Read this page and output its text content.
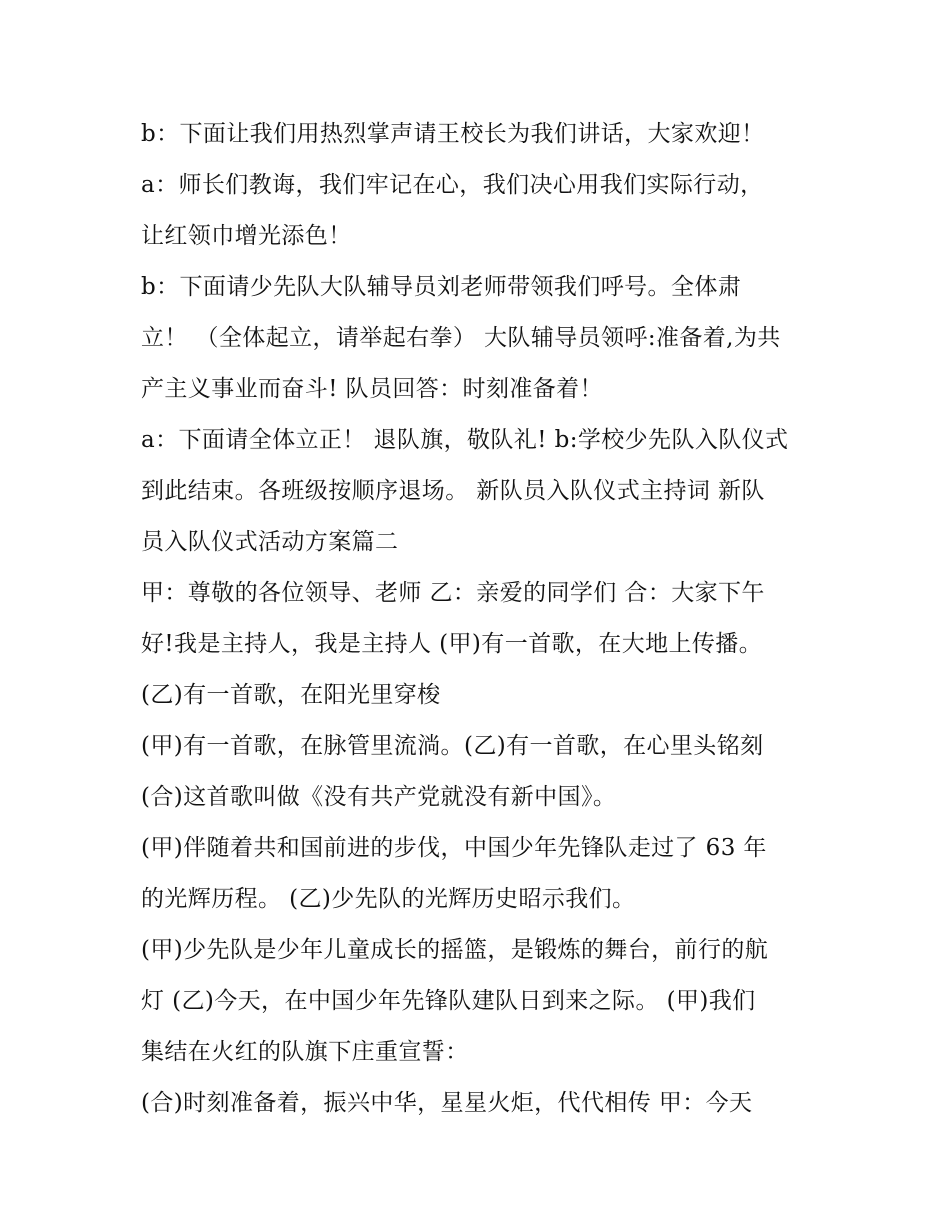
b：下面让我们用热烈掌声请王校长为我们讲话，大家欢迎！
a：师长们教诲，我们牢记在心，我们决心用我们实际行动，
让红领巾增光添色！
b：下面请少先队大队辅导员刘老师带领我们呼号。全体肃
立！ （全体起立，请举起右拳） 大队辅导员领呼:准备着,为共
产主义事业而奋斗! 队员回答：时刻准备着！
a：下面请全体立正！ 退队旗，敬队礼! b:学校少先队入队仪式
到此结束。各班级按顺序退场。 新队员入队仪式主持词 新队
员入队仪式活动方案篇二
甲：尊敬的各位领导、老师 乙：亲爱的同学们 合：大家下午
好!我是主持人，我是主持人 (甲)有一首歌，在大地上传播。
(乙)有一首歌，在阳光里穿梭
(甲)有一首歌，在脉管里流淌。(乙)有一首歌，在心里头铭刻
(合)这首歌叫做《没有共产党就没有新中国》。
(甲)伴随着共和国前进的步伐，中国少年先锋队走过了 63 年
的光辉历程。 (乙)少先队的光辉历史昭示我们。
(甲)少先队是少年儿童成长的摇篮，是锻炼的舞台，前行的航
灯 (乙)今天，在中国少年先锋队建队日到来之际。 (甲)我们
集结在火红的队旗下庄重宣誓：
(合)时刻准备着，振兴中华，星星火炬，代代相传 甲：今天
